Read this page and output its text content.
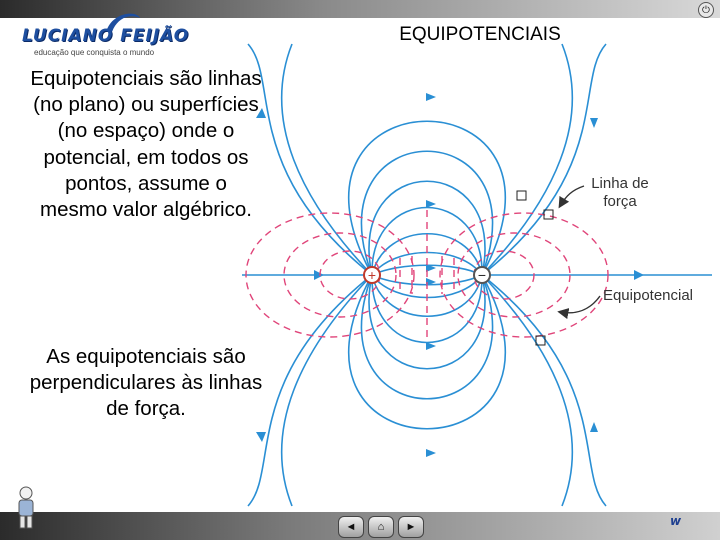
⏻
LUCIANO FEIJÃO
educação que conquista o mundo
EQUIPOTENCIAIS
Equipotenciais são linhas (no plano) ou superfícies (no espaço) onde o potencial, em todos os pontos, assume o mesmo valor algébrico.
As equipotenciais são perpendiculares às linhas de força.
+	−
Linha de
força
Equipotencial
◄ ⌂ ►	w
